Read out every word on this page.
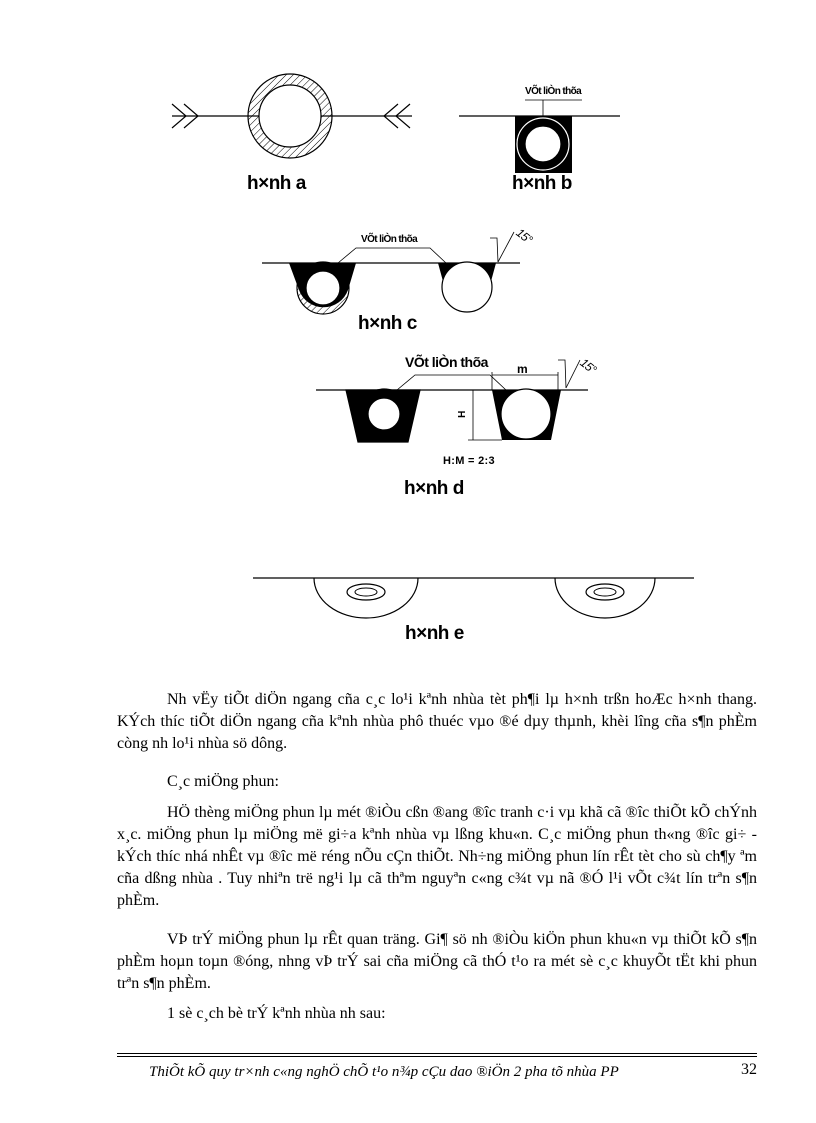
h×nh a	h×nh b
VÕt liÒn thõa
VÕt liÒn thõa	15°
h×nh c
VÕt liÒn thõa m	15°
H
H:M = 2:3
h×nh d
h×nh e

Nh vËy tiÕt diÖn ngang cña c¸c lo¹i kªnh nhùa tèt ph¶i lµ h×nh trßn hoÆc h×nh thang. KÝch thíc tiÕt diÖn ngang cña kªnh nhùa phô thuéc vµo ®é dµy thµnh, khèi lîng cña s¶n phÈm còng nh lo¹i nhùa sö dông.

C¸c miÖng phun:

HÖ thèng miÖng phun lµ mét ®iÒu cßn ®ang ®îc tranh c·i vµ khã cã ®îc thiÕt kÕ chÝnh x¸c. miÖng phun lµ miÖng më gi÷a kªnh nhùa vµ lßng khu«n. C¸c miÖng phun th«ng ®îc gi÷ kÝch thíc nhá nhÊt vµ ®îc më réng nÕu cÇn thiÕt. Nh÷ng miÖng phun lín rÊt tèt cho sù ch¶y ªm cña dßng nhùa . Tuy nhiªn trë ng¹i lµ cã thªm nguyªn c«ng c¾t vµ nã ®Ó l¹i vÕt c¾t lín trªn s¶n phÈm.

VÞ trÝ miÖng phun lµ rÊt quan träng. Gi¶ sö nh ®iÒu kiÖn phun khu«n vµ thiÕt kÕ s¶n phÈm hoµn toµn ®óng, nhng vÞ trÝ sai cña miÖng cã thÓ t¹o ra mét sè c¸c khuyÕt tËt khi phun trªn s¶n phÈm.

1 sè c¸ch bè trÝ kªnh nhùa nh sau:

ThiÕt kÕ quy tr×nh c«ng nghÖ chÕ t¹o n¾p cÇu dao ®iÖn 2 pha tõ nhùa PP	32
